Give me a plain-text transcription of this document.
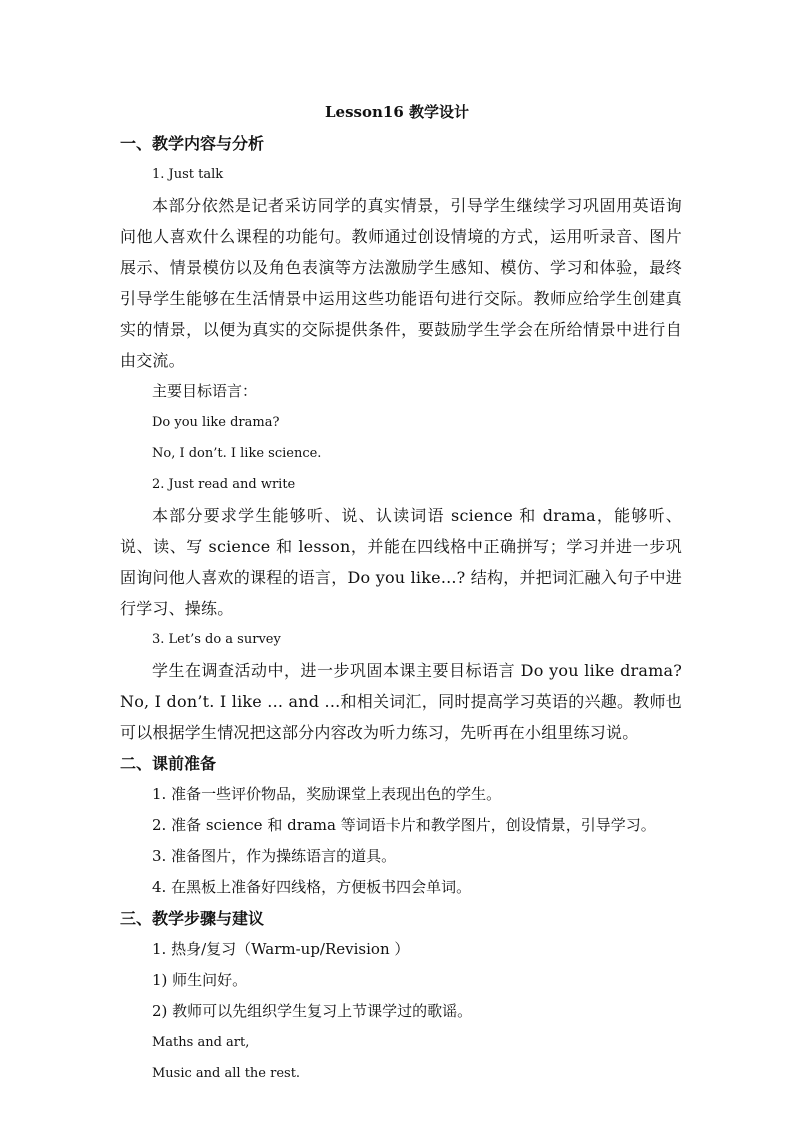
Lesson16 教学设计
一、教学内容与分析
1. Just talk
本部分依然是记者采访同学的真实情景，引导学生继续学习巩固用英语询问他人喜欢什么课程的功能句。教师通过创设情境的方式，运用听录音、图片展示、情景模仿以及角色表演等方法激励学生感知、模仿、学习和体验，最终引导学生能够在生活情景中运用这些功能语句进行交际。教师应给学生创建真实的情景，以便为真实的交际提供条件，要鼓励学生学会在所给情景中进行自由交流。
主要目标语言：
Do you like drama?
No, I don’t. I like science.
2. Just read and write
本部分要求学生能够听、说、认读词语 science 和 drama，能够听、说、读、写 science 和 lesson，并能在四线格中正确拼写；学习并进一步巩固询问他人喜欢的课程的语言，Do you like...? 结构，并把词汇融入句子中进行学习、操练。
3. Let’s do a survey
学生在调查活动中，进一步巩固本课主要目标语言 Do you like drama? No, I don’t. I like ... and ...和相关词汇，同时提高学习英语的兴趣。教师也可以根据学生情况把这部分内容改为听力练习，先听再在小组里练习说。
二、课前准备
1. 准备一些评价物品，奖励课堂上表现出色的学生。
2. 准备 science 和 drama 等词语卡片和教学图片，创设情景，引导学习。
3. 准备图片，作为操练语言的道具。
4. 在黑板上准备好四线格，方便板书四会单词。
三、教学步骤与建议
1. 热身/复习（Warm-up/Revision ）
1) 师生问好。
2) 教师可以先组织学生复习上节课学过的歌谣。
Maths and art,
Music and all the rest.
